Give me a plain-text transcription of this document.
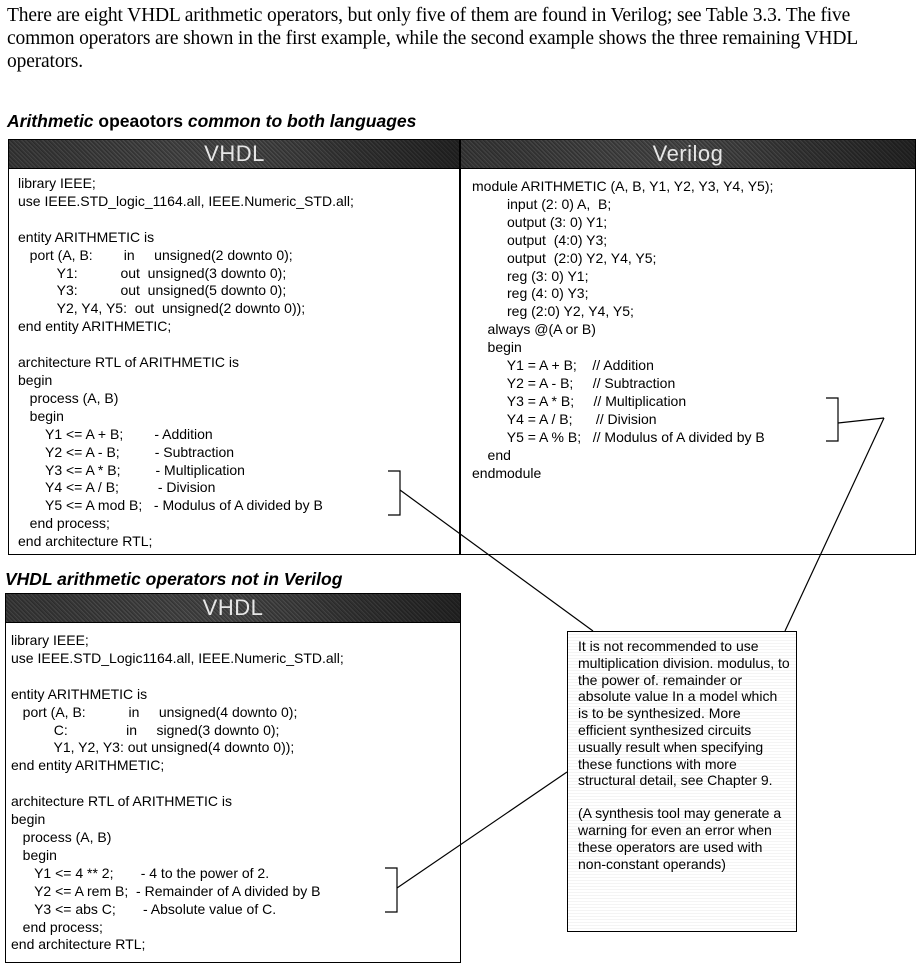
There are eight VHDL arithmetic operators, but only five of them are found in Verilog; see Table 3.3. The five common operators are shown in the first example, while the second example shows the three remaining VHDL operators.
Arithmetic opeaotors common to both languages
VHDL	Verilog
library IEEE;
use IEEE.STD_logic_1164.all, IEEE.Numeric_STD.all;

entity ARITHMETIC is
port (A, B:        in     unsigned(2 downto 0);
Y1:           out  unsigned(3 downto 0);
Y3:           out  unsigned(5 downto 0);
Y2, Y4, Y5:  out  unsigned(2 downto 0));
end entity ARITHMETIC;

architecture RTL of ARITHMETIC is
begin
process (A, B)
begin
Y1 <= A + B;        - Addition
Y2 <= A - B;         - Subtraction
Y3 <= A * B;         - Multiplication
Y4 <= A / B;          - Division
Y5 <= A mod B;   - Modulus of A divided by B
end process;
end architecture RTL;
module ARITHMETIC (A, B, Y1, Y2, Y3, Y4, Y5);
input (2: 0) A,  B;
output (3: 0) Y1;
output  (4:0) Y3;
output  (2:0) Y2, Y4, Y5;
reg (3: 0) Y1;
reg (4: 0) Y3;
reg (2:0) Y2, Y4, Y5;
always @(A or B)
begin
Y1 = A + B;    // Addition
Y2 = A - B;     // Subtraction
Y3 = A * B;     // Multiplication
Y4 = A / B;      // Division
Y5 = A % B;   // Modulus of A divided by B
end
endmodule
VHDL arithmetic operators not in Verilog
VHDL
library IEEE;
use IEEE.STD_Logic1164.all, IEEE.Numeric_STD.all;

entity ARITHMETIC is
port (A, B:           in     unsigned(4 downto 0);
C:               in     signed(3 downto 0);
Y1, Y2, Y3: out unsigned(4 downto 0));
end entity ARITHMETIC;

architecture RTL of ARITHMETIC is
begin
process (A, B)
begin
Y1 <= 4 ** 2;       - 4 to the power of 2.
Y2 <= A rem B;  - Remainder of A divided by B
Y3 <= abs C;       - Absolute value of C.
end process;
end architecture RTL;

It is not recommended to use multiplication division. modulus, to the power of. remainder or absolute value In a model which is to be synthesized. More efficient synthesized circuits usually result when specifying these functions with more structural detail, see Chapter 9.

(A synthesis tool may generate a warning for even an error when these operators are used with non-constant operands)
